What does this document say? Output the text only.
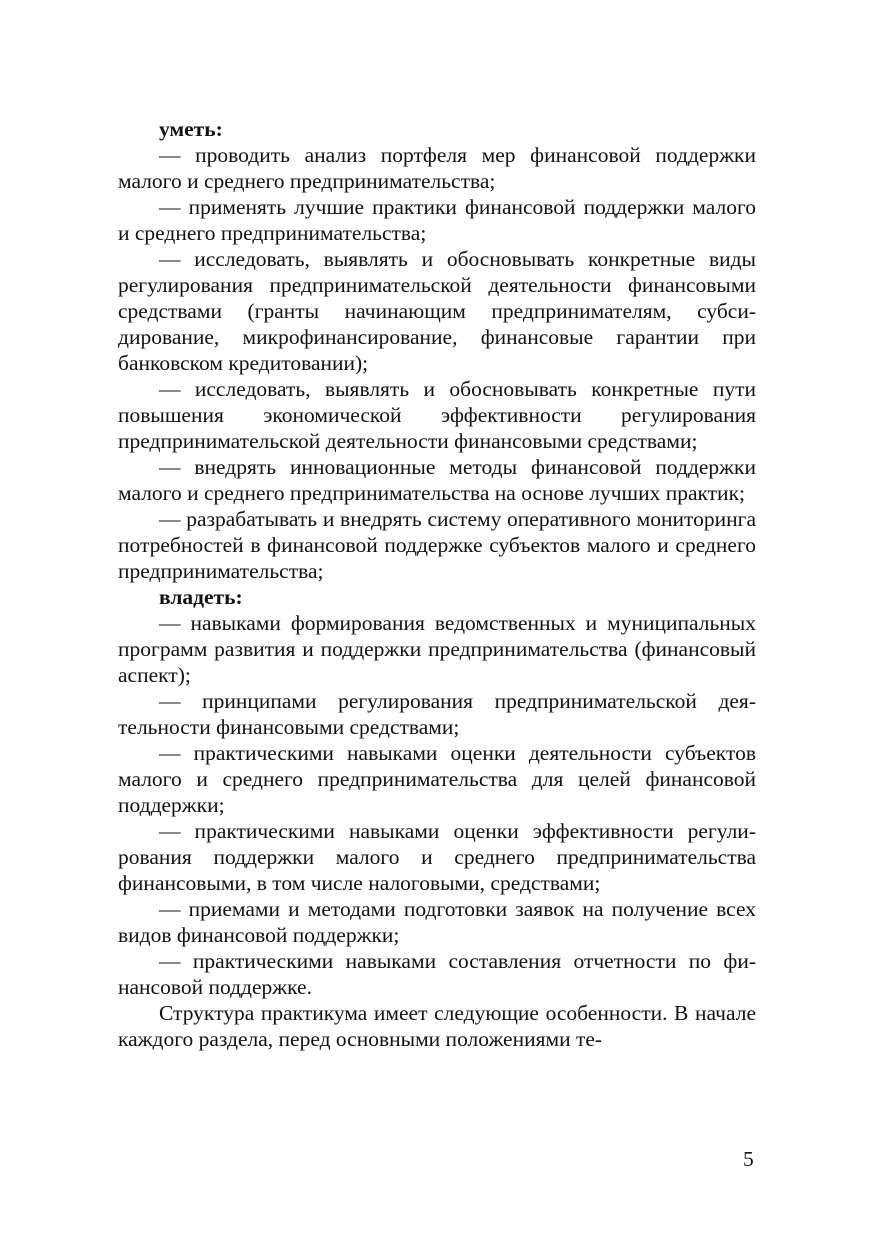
уметь:

— проводить анализ портфеля мер финансовой поддержки малого и среднего предпринимательства;

— применять лучшие практики финансовой поддержки малого и среднего предпринимательства;

— исследовать, выявлять и обосновывать конкретные виды регулирования предпринимательской деятельности финансовыми средствами (гранты начинающим предпринимателям, субсидирование, микрофинансирование, финансовые гарантии при банковском кредитовании);

— исследовать, выявлять и обосновывать конкретные пути повышения экономической эффективности регулирования предпринимательской деятельности финансовыми средствами;

— внедрять инновационные методы финансовой поддержки малого и среднего предпринимательства на основе лучших практик;

— разрабатывать и внедрять систему оперативного мониторинга потребностей в финансовой поддержке субъектов малого и среднего предпринимательства;

владеть:

— навыками формирования ведомственных и муниципальных программ развития и поддержки предпринимательства (финансовый аспект);

— принципами регулирования предпринимательской деятельности финансовыми средствами;

— практическими навыками оценки деятельности субъектов малого и среднего предпринимательства для целей финансовой поддержки;

— практическими навыками оценки эффективности регулирования поддержки малого и среднего предпринимательства финансовыми, в том числе налоговыми, средствами;

— приемами и методами подготовки заявок на получение всех видов финансовой поддержки;

— практическими навыками составления отчетности по финансовой поддержке.

Структура практикума имеет следующие особенности. В начале каждого раздела, перед основными положениями те-

5
